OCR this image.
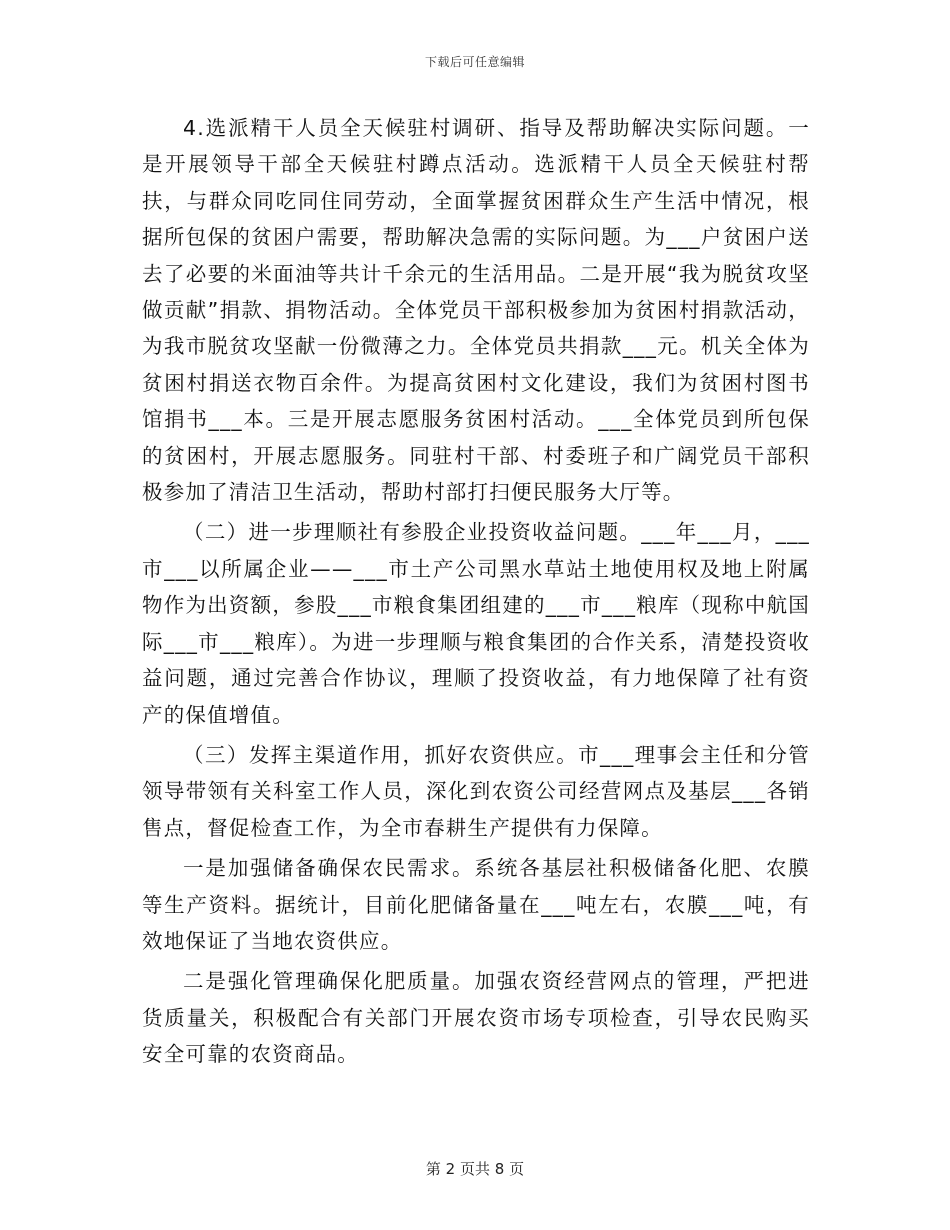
下载后可任意编辑

4.选派精干人员全天候驻村调研、指导及帮助解决实际问题。一是开展领导干部全天候驻村蹲点活动。选派精干人员全天候驻村帮扶，与群众同吃同住同劳动，全面掌握贫困群众生产生活中情况，根据所包保的贫困户需要，帮助解决急需的实际问题。为___户贫困户送去了必要的米面油等共计千余元的生活用品。二是开展“我为脱贫攻坚做贡献”捐款、捐物活动。全体党员干部积极参加为贫困村捐款活动，为我市脱贫攻坚献一份微薄之力。全体党员共捐款___元。机关全体为贫困村捐送衣物百余件。为提高贫困村文化建设，我们为贫困村图书馆捐书___本。三是开展志愿服务贫困村活动。___全体党员到所包保的贫困村，开展志愿服务。同驻村干部、村委班子和广阔党员干部积极参加了清洁卫生活动，帮助村部打扫便民服务大厅等。

（二）进一步理顺社有参股企业投资收益问题。___年___月，___市___以所属企业——___市土产公司黑水草站土地使用权及地上附属物作为出资额，参股___市粮食集团组建的___市___粮库（现称中航国际___市___粮库）。为进一步理顺与粮食集团的合作关系，清楚投资收益问题，通过完善合作协议，理顺了投资收益，有力地保障了社有资产的保值增值。

（三）发挥主渠道作用，抓好农资供应。市___理事会主任和分管领导带领有关科室工作人员，深化到农资公司经营网点及基层___各销售点，督促检查工作，为全市春耕生产提供有力保障。

一是加强储备确保农民需求。系统各基层社积极储备化肥、农膜等生产资料。据统计，目前化肥储备量在___吨左右，农膜___吨，有效地保证了当地农资供应。

二是强化管理确保化肥质量。加强农资经营网点的管理，严把进货质量关，积极配合有关部门开展农资市场专项检查，引导农民购买安全可靠的农资商品。

第 2 页共 8 页
